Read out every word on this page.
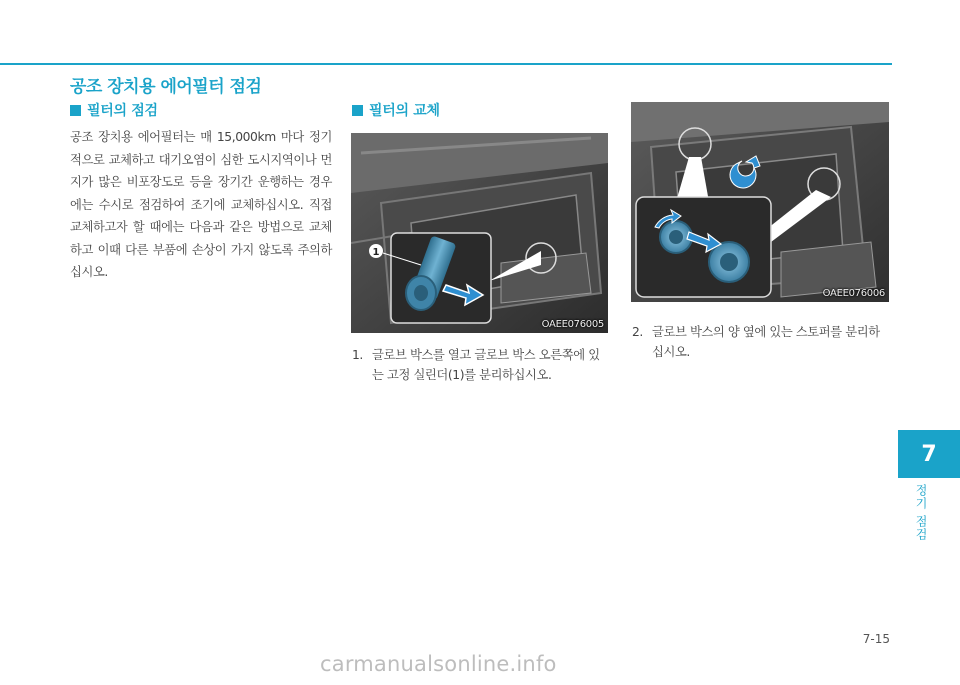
공조 장치용 에어필터 점검
필터의 점검
공조 장치용 에어필터는 매 15,000km 마다 정기적으로 교체하고 대기오염이 심한 도시지역이나 먼지가 많은 비포장도로 등을 장기간 운행하는 경우에는 수시로 점검하여 조기에 교체하십시오. 직접 교체하고자 할 때에는 다음과 같은 방법으로 교체하고 이때 다른 부품에 손상이 가지 않도록 주의하십시오.
필터의 교체
1
OAEE076005
1. 글로브 박스를 열고 글로브 박스 오른쪽에 있는 고정 실린더(1)를 분리하십시오.
OAEE076006
2. 글로브 박스의 양 옆에 있는 스토퍼를 분리하십시오.
7
정기 점검
7-15
carmanualsonline.info
